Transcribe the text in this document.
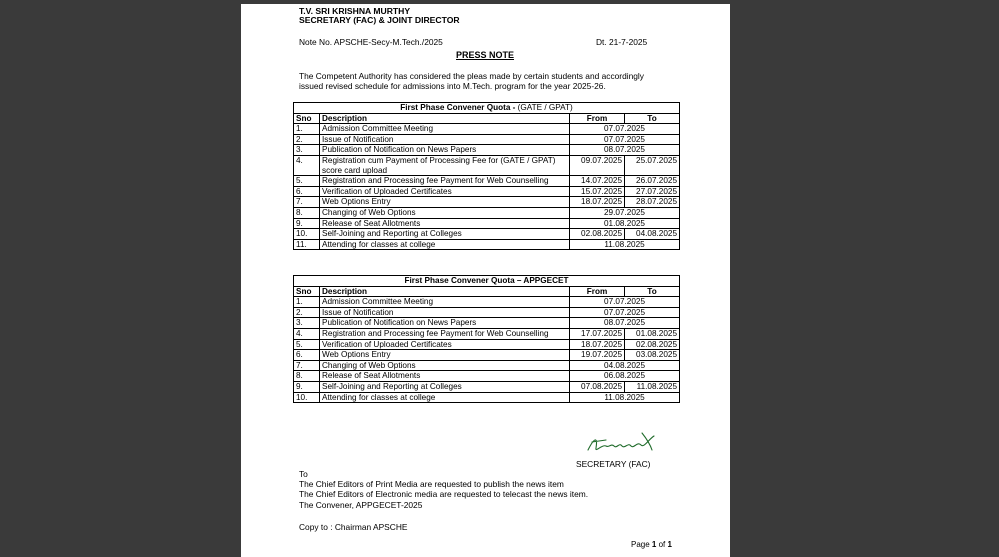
T.V. SRI KRISHNA MURTHY
SECRETARY (FAC) & JOINT DIRECTOR
Note No. APSCHE-Secy-M.Tech./2025	Dt. 21-7-2025
PRESS NOTE
The Competent Authority has considered the pleas made by certain students and accordingly
issued revised schedule for admissions into M.Tech. program for the year 2025-26.
First Phase Convener Quota - (GATE / GPAT)			
Sno	Description	From	To
1.	Admission Committee Meeting	07.07.2025	
2.	Issue of Notification	07.07.2025	
3.	Publication of Notification on News Papers	08.07.2025	
4.	Registration cum Payment of Processing Fee for (GATE / GPAT) score card upload	09.07.2025	25.07.2025
5.	Registration and Processing fee Payment for Web Counselling	14.07.2025	26.07.2025
6.	Verification of Uploaded Certificates	15.07.2025	27.07.2025
7.	Web Options Entry	18.07.2025	28.07.2025
8.	Changing of Web Options	29.07.2025	
9.	Release of Seat Allotments	01.08.2025	
10.	Self-Joining and Reporting at Colleges	02.08.2025	04.08.2025
11.	Attending for classes at college	11.08.2025	
First Phase Convener Quota – APPGECET			
Sno	Description	From	To
1.	Admission Committee Meeting	07.07.2025	
2.	Issue of Notification	07.07.2025	
3.	Publication of Notification on News Papers	08.07.2025	
4.	Registration and Processing fee Payment for Web Counselling	17.07.2025	01.08.2025
5.	Verification of Uploaded Certificates	18.07.2025	02.08.2025
6.	Web Options Entry	19.07.2025	03.08.2025
7.	Changing of Web Options	04.08.2025	
8.	Release of Seat Allotments	06.08.2025	
9.	Self-Joining and Reporting at Colleges	07.08.2025	11.08.2025
10.	Attending for classes at college	11.08.2025	
SECRETARY (FAC)
To
The Chief Editors of Print Media are requested to publish the news item
The Chief Editors of Electronic media are requested to telecast the news item.
The Convener, APPGECET-2025
Copy to : Chairman APSCHE
Page 1 of 1
